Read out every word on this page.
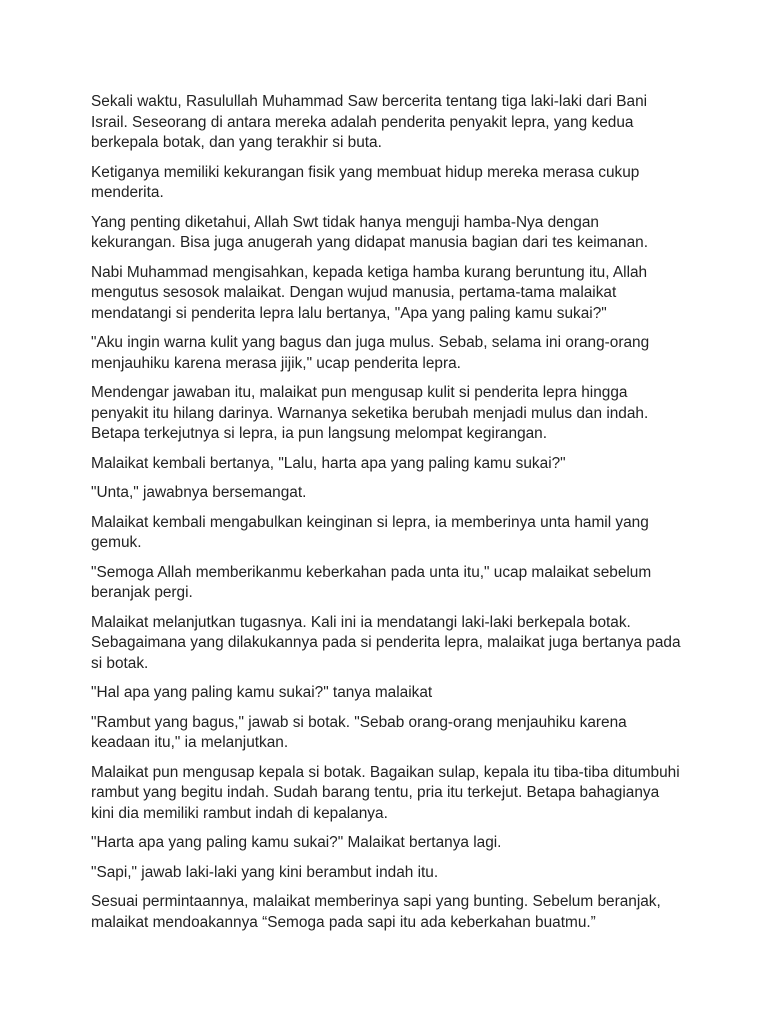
Sekali waktu, Rasulullah Muhammad Saw bercerita tentang tiga laki-laki dari Bani
Israil. Seseorang di antara mereka adalah penderita penyakit lepra, yang kedua
berkepala botak, dan yang terakhir si buta.

Ketiganya memiliki kekurangan fisik yang membuat hidup mereka merasa cukup
menderita.

Yang penting diketahui, Allah Swt tidak hanya menguji hamba-Nya dengan
kekurangan. Bisa juga anugerah yang didapat manusia bagian dari tes keimanan.

Nabi Muhammad mengisahkan, kepada ketiga hamba kurang beruntung itu, Allah
mengutus sesosok malaikat. Dengan wujud manusia, pertama-tama malaikat
mendatangi si penderita lepra lalu bertanya, "Apa yang paling kamu sukai?"

"Aku ingin warna kulit yang bagus dan juga mulus. Sebab, selama ini orang-orang
menjauhiku karena merasa jijik," ucap penderita lepra.

Mendengar jawaban itu, malaikat pun mengusap kulit si penderita lepra hingga
penyakit itu hilang darinya. Warnanya seketika berubah menjadi mulus dan indah.
Betapa terkejutnya si lepra, ia pun langsung melompat kegirangan.

Malaikat kembali bertanya, "Lalu, harta apa yang paling kamu sukai?"

"Unta," jawabnya bersemangat.

Malaikat kembali mengabulkan keinginan si lepra, ia memberinya unta hamil yang
gemuk.

"Semoga Allah memberikanmu keberkahan pada unta itu," ucap malaikat sebelum
beranjak pergi.

Malaikat melanjutkan tugasnya. Kali ini ia mendatangi laki-laki berkepala botak.
Sebagaimana yang dilakukannya pada si penderita lepra, malaikat juga bertanya pada
si botak.

"Hal apa yang paling kamu sukai?" tanya malaikat

"Rambut yang bagus," jawab si botak. "Sebab orang-orang menjauhiku karena
keadaan itu," ia melanjutkan.

Malaikat pun mengusap kepala si botak. Bagaikan sulap, kepala itu tiba-tiba ditumbuhi
rambut yang begitu indah. Sudah barang tentu, pria itu terkejut. Betapa bahagianya
kini dia memiliki rambut indah di kepalanya.

"Harta apa yang paling kamu sukai?" Malaikat bertanya lagi.

"Sapi," jawab laki-laki yang kini berambut indah itu.

Sesuai permintaannya, malaikat memberinya sapi yang bunting. Sebelum beranjak,
malaikat mendoakannya “Semoga pada sapi itu ada keberkahan buatmu.”
